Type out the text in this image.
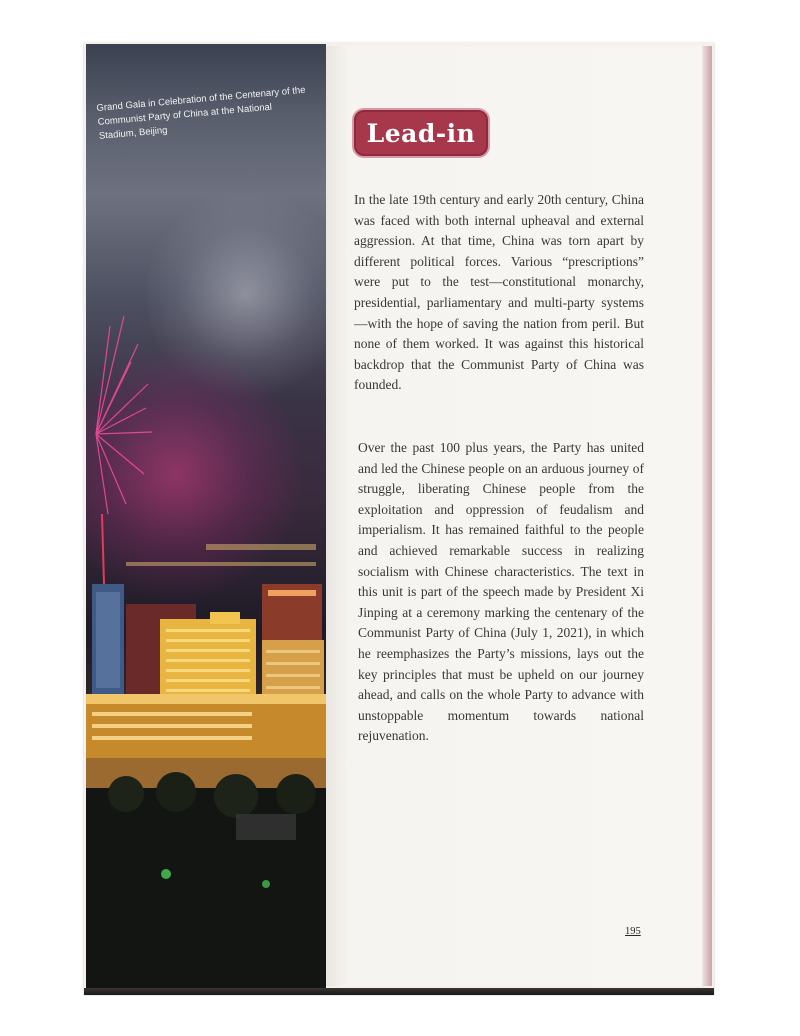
Grand Gala in Celebration of the Centenary of the Communist Party of China at the National Stadium, Beijing	Lead-in

In the late 19th century and early 20th century, China was faced with both internal upheaval and external aggression. At that time, China was torn apart by different political forces. Various “prescriptions” were put to the test—constitutional monarchy, presidential, parliamentary and multi-party systems—with the hope of saving the nation from peril. But none of them worked. It was against this historical backdrop that the Communist Party of China was founded.

Over the past 100 plus years, the Party has united and led the Chinese people on an arduous journey of struggle, liberating Chinese people from the exploitation and oppression of feudalism and imperialism. It has remained faithful to the people and achieved remarkable success in realizing socialism with Chinese characteristics. The text in this unit is part of the speech made by President Xi Jinping at a ceremony marking the centenary of the Communist Party of China (July 1, 2021), in which he reemphasizes the Party’s missions, lays out the key principles that must be upheld on our journey ahead, and calls on the whole Party to advance with unstoppable momentum towards national rejuvenation.

195
